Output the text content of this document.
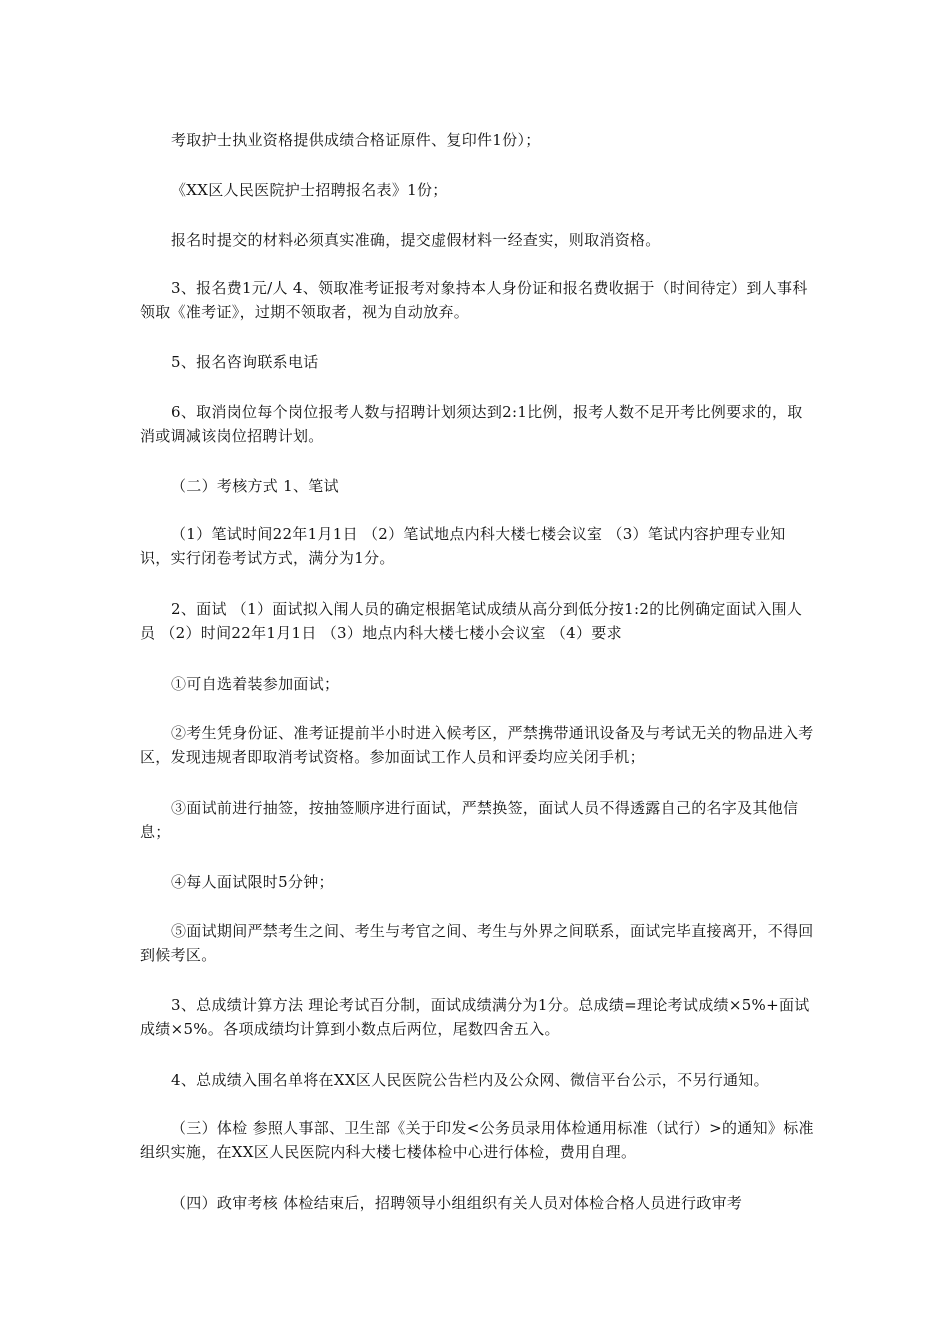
考取护士执业资格提供成绩合格证原件、复印件1份）；

《XX区人民医院护士招聘报名表》1份；

报名时提交的材料必须真实准确，提交虚假材料一经查实，则取消资格。

3、报名费1元/人 4、领取准考证报考对象持本人身份证和报名费收据于（时间待定）到人事科领取《准考证》，过期不领取者，视为自动放弃。

5、报名咨询联系电话

6、取消岗位每个岗位报考人数与招聘计划须达到2:1比例，报考人数不足开考比例要求的，取消或调减该岗位招聘计划。

（二）考核方式 1、笔试

（1）笔试时间22年1月1日 （2）笔试地点内科大楼七楼会议室 （3）笔试内容护理专业知识，实行闭卷考试方式，满分为1分。

2、面试 （1）面试拟入闱人员的确定根据笔试成绩从高分到低分按1:2的比例确定面试入围人员 （2）时间22年1月1日 （3）地点内科大楼七楼小会议室 （4）要求

①可自选着装参加面试；

②考生凭身份证、准考证提前半小时进入候考区，严禁携带通讯设备及与考试无关的物品进入考区，发现违规者即取消考试资格。参加面试工作人员和评委均应关闭手机；

③面试前进行抽签，按抽签顺序进行面试，严禁换签，面试人员不得透露自己的名字及其他信息；

④每人面试限时5分钟；

⑤面试期间严禁考生之间、考生与考官之间、考生与外界之间联系，面试完毕直接离开，不得回到候考区。

3、总成绩计算方法 理论考试百分制，面试成绩满分为1分。总成绩=理论考试成绩×5%+面试成绩×5%。各项成绩均计算到小数点后两位，尾数四舍五入。

4、总成绩入围名单将在XX区人民医院公告栏内及公众网、微信平台公示，不另行通知。

（三）体检 参照人事部、卫生部《关于印发<公务员录用体检通用标准（试行）>的通知》标准组织实施，在XX区人民医院内科大楼七楼体检中心进行体检，费用自理。

（四）政审考核 体检结束后，招聘领导小组组织有关人员对体检合格人员进行政审考
